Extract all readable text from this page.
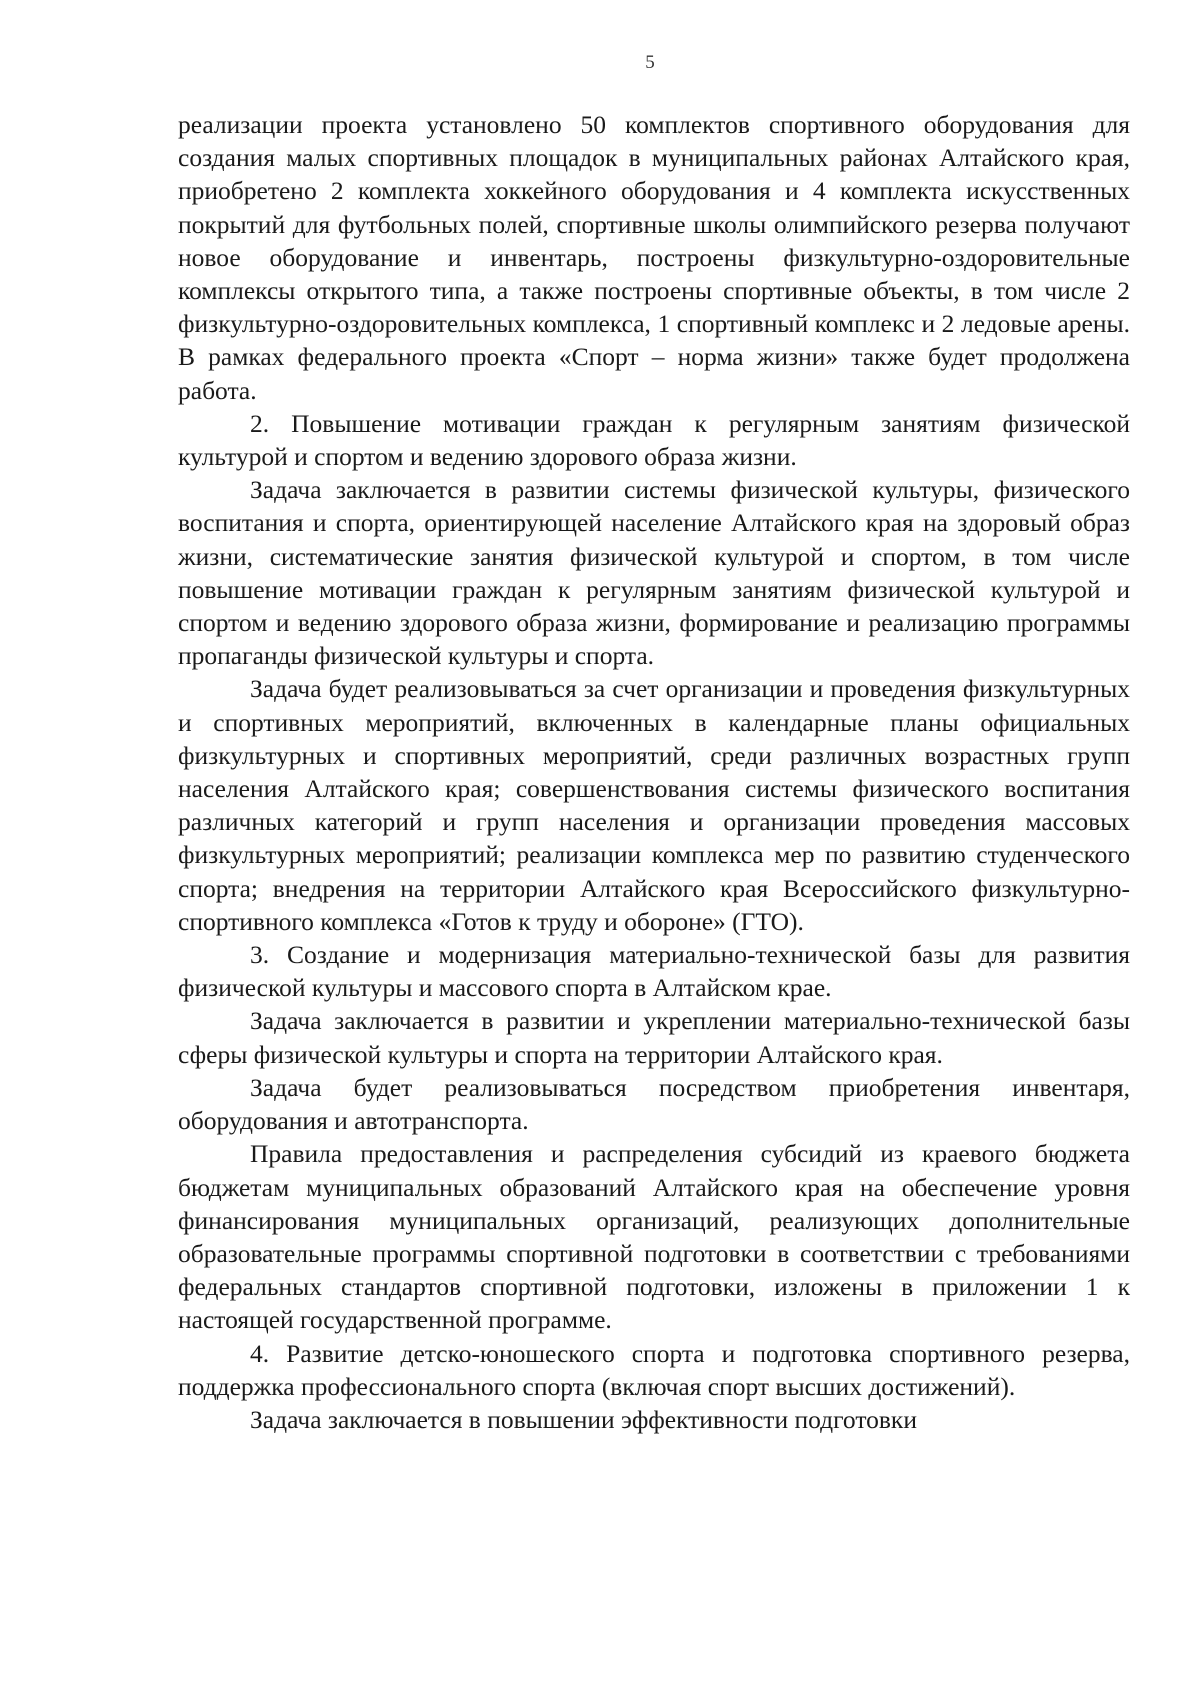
5

реализации проекта установлено 50 комплектов спортивного оборудования для создания малых спортивных площадок в муниципальных районах Алтайского края, приобретено 2 комплекта хоккейного оборудования и 4 комплекта искусственных покрытий для футбольных полей, спортивные школы олимпийского резерва получают новое оборудование и инвентарь, построены физкультурно-оздоровительные комплексы открытого типа, а также построены спортивные объекты, в том числе 2 физкультурно-оздоровительных комплекса, 1 спортивный комплекс и 2 ледовые арены. В рамках федерального проекта «Спорт – норма жизни» также будет продолжена работа.

2. Повышение мотивации граждан к регулярным занятиям физической культурой и спортом и ведению здорового образа жизни.

Задача заключается в развитии системы физической культуры, физического воспитания и спорта, ориентирующей население Алтайского края на здоровый образ жизни, систематические занятия физической культурой и спортом, в том числе повышение мотивации граждан к регулярным занятиям физической культурой и спортом и ведению здорового образа жизни, формирование и реализацию программы пропаганды физической культуры и спорта.

Задача будет реализовываться за счет организации и проведения физкультурных и спортивных мероприятий, включенных в календарные планы официальных физкультурных и спортивных мероприятий, среди различных возрастных групп населения Алтайского края; совершенствования системы физического воспитания различных категорий и групп населения и организации проведения массовых физкультурных мероприятий; реализации комплекса мер по развитию студенческого спорта; внедрения на территории Алтайского края Всероссийского физкультурно-спортивного комплекса «Готов к труду и обороне» (ГТО).

3. Создание и модернизация материально-технической базы для развития физической культуры и массового спорта в Алтайском крае.

Задача заключается в развитии и укреплении материально-технической базы сферы физической культуры и спорта на территории Алтайского края.

Задача будет реализовываться посредством приобретения инвентаря, оборудования и автотранспорта.

Правила предоставления и распределения субсидий из краевого бюджета бюджетам муниципальных образований Алтайского края на обеспечение уровня финансирования муниципальных организаций, реализующих дополнительные образовательные программы спортивной подготовки в соответствии с требованиями федеральных стандартов спортивной подготовки, изложены в приложении 1 к настоящей государственной программе.

4. Развитие детско-юношеского спорта и подготовка спортивного резерва, поддержка профессионального спорта (включая спорт высших достижений).

Задача заключается в повышении эффективности подготовки
